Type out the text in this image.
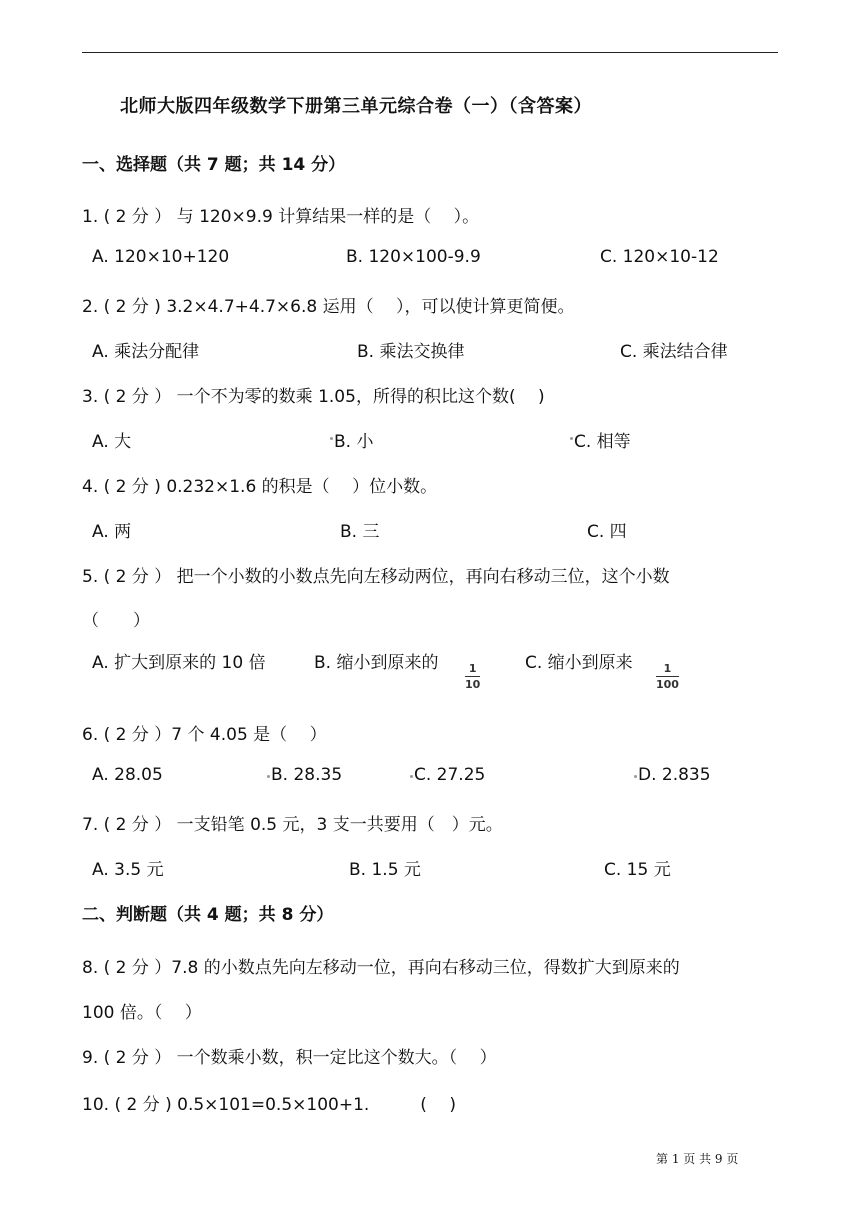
北师大版四年级数学下册第三单元综合卷（一）（含答案）
一、选择题（共 7 题；共 14 分）
1. ( 2 分 ） 与 120×9.9 计算结果一样的是（　 ）。
A. 120×10+120	B. 120×100-9.9	C. 120×10-12
2. ( 2 分 ) 3.2×4.7+4.7×6.8 运用（　 ），可以使计算更简便。
A. 乘法分配律	B. 乘法交换律	C. 乘法结合律
3. ( 2 分 ） 一个不为零的数乘 1.05，所得的积比这个数(　 )
A. 大	B. 小	C. 相等
4. ( 2 分 ) 0.232×1.6 的积是（　 ）位小数。
A. 两	B. 三	C. 四
5. ( 2 分 ） 把一个小数的小数点先向左移动两位，再向右移动三位，这个小数
（　　）
A. 扩大到原来的 10 倍	B. 缩小到原来的	1
10
C. 缩小到原来	1
100
6. ( 2 分 ）7 个 4.05 是（　 ）
A. 28.05	B. 28.35	C. 27.25	D. 2.835
7. ( 2 分 ） 一支铅笔 0.5 元，3 支一共要用（　）元。
A. 3.5 元	B. 1.5 元	C. 15 元
二、判断题（共 4 题；共 8 分）
8. ( 2 分 ）7.8 的小数点先向左移动一位，再向右移动三位，得数扩大到原来的
100 倍。（　 ）
9. ( 2 分 ） 一个数乘小数，积一定比这个数大。（　 ）
10. ( 2 分 ) 0.5×101=0.5×100+1.　　　(　 )
第 1 页 共 9 页
